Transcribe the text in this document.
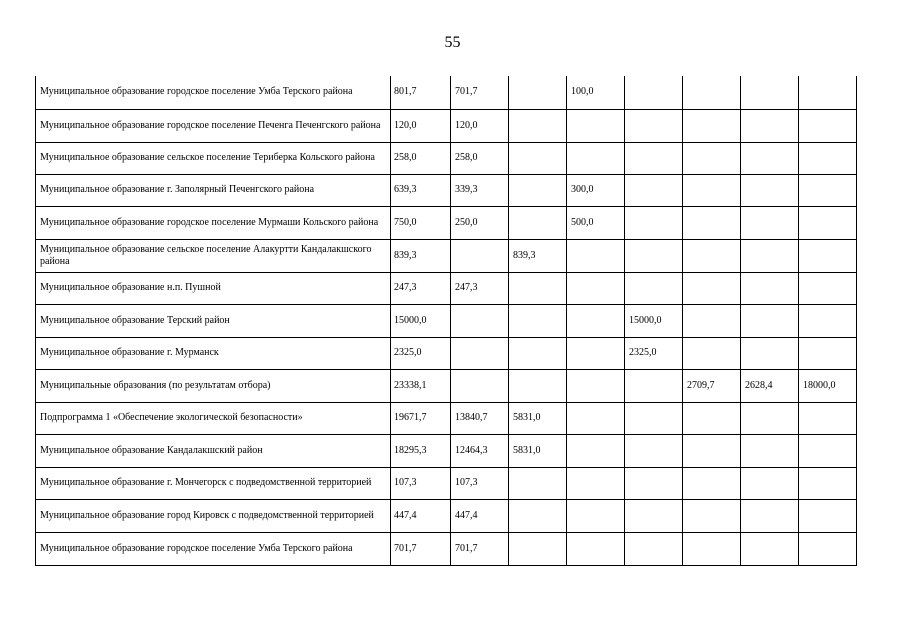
55
Муниципальное образование городское поселение Умба Терского района	801,7	701,7		100,0				
Муниципальное образование городское поселение Печенга Печенгского района	120,0	120,0						
Муниципальное образование сельское поселение Териберка Кольского района	258,0	258,0						
Муниципальное образование г. Заполярный Печенгского района	639,3	339,3		300,0				
Муниципальное образование городское поселение Мурмаши Кольского района	750,0	250,0		500,0				
Муниципальное образование сельское поселение Алакуртти Кандалакшского района	839,3		839,3					
Муниципальное образование н.п. Пушной	247,3	247,3						
Муниципальное образование Терский район	15000,0				15000,0			
Муниципальное образование г. Мурманск	2325,0				2325,0			
Муниципальные образования (по результатам отбора)	23338,1					2709,7	2628,4	18000,0
Подпрограмма 1 «Обеспечение экологической безопасности»	19671,7	13840,7	5831,0					
Муниципальное образование Кандалакшский район	18295,3	12464,3	5831,0					
Муниципальное образование г. Мончегорск с подведомственной территорией	107,3	107,3						
Муниципальное образование город Кировск с подведомственной территорией	447,4	447,4						
Муниципальное образование городское поселение Умба Терского района	701,7	701,7						
